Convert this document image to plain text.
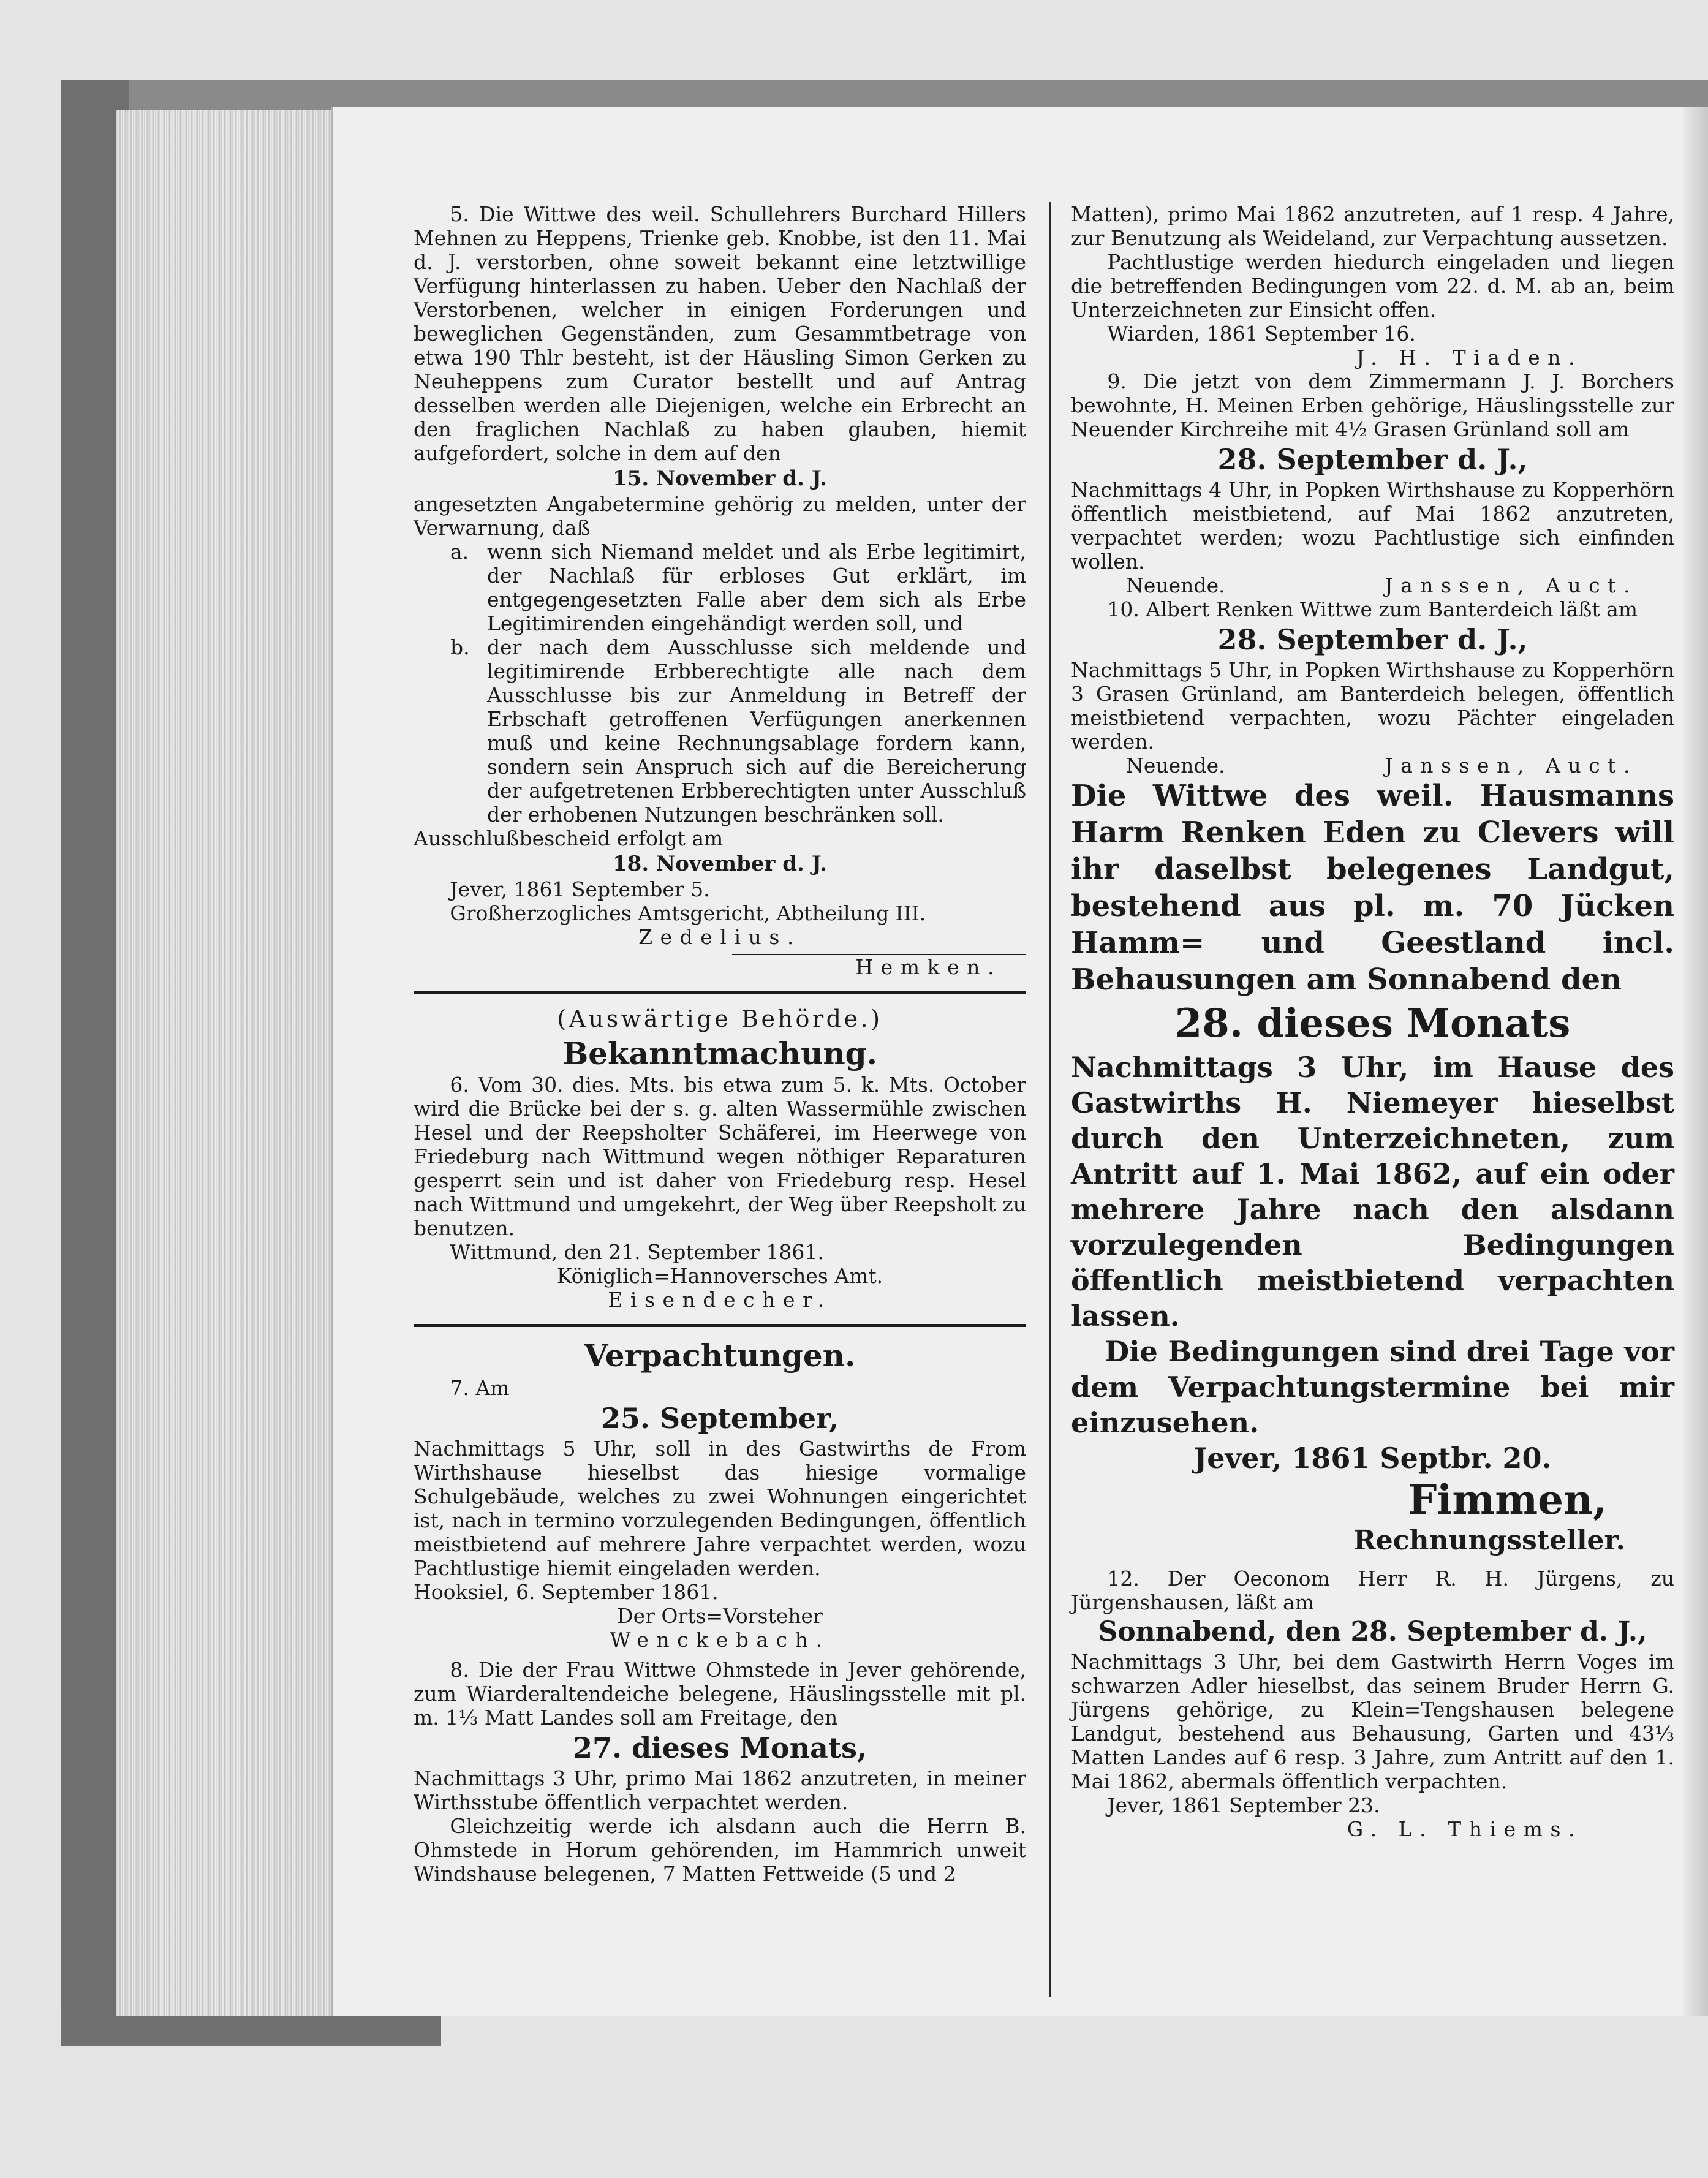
5. Die Wittwe des weil. Schullehrers Burchard Hillers Mehnen zu Heppens, Trienke geb. Knobbe, ist den 11. Mai d. J. verstorben, ohne soweit bekannt eine letztwillige Verfügung hinterlassen zu haben. Ueber den Nachlaß der Verstorbenen, welcher in einigen Forderungen und beweglichen Gegenständen, zum Gesammtbetrage von etwa 190 Thlr besteht, ist der Häusling Simon Gerken zu Neuheppens zum Curator bestellt und auf Antrag desselben werden alle Diejenigen, welche ein Erbrecht an den fraglichen Nachlaß zu haben glauben, hiemit aufgefordert, solche in dem auf den

15. November d. J.

angesetzten Angabetermine gehörig zu melden, unter der Verwarnung, daß

a. wenn sich Niemand meldet und als Erbe legitimirt, der Nachlaß für erbloses Gut erklärt, im entgegengesetzten Falle aber dem sich als Erbe Legitimirenden eingehändigt werden soll, und
b. der nach dem Ausschlusse sich meldende und legitimirende Erbberechtigte alle nach dem Ausschlusse bis zur Anmeldung in Betreff der Erbschaft getroffenen Verfügungen anerkennen muß und keine Rechnungsablage fordern kann, sondern sein Anspruch sich auf die Bereicherung der aufgetretenen Erbberechtigten unter Ausschluß der erhobenen Nutzungen beschränken soll.

Ausschlußbescheid erfolgt am

18. November d. J.

Jever, 1861 September 5.

Großherzogliches Amtsgericht, Abtheilung III.

Zedelius.

Hemken.

(Auswärtige Behörde.)

Bekanntmachung.

6. Vom 30. dies. Mts. bis etwa zum 5. k. Mts. October wird die Brücke bei der s. g. alten Wassermühle zwischen Hesel und der Reepsholter Schäferei, im Heerwege von Friedeburg nach Wittmund wegen nöthiger Reparaturen gesperrt sein und ist daher von Friedeburg resp. Hesel nach Wittmund und umgekehrt, der Weg über Reepsholt zu benutzen.

Wittmund, den 21. September 1861.

Königlich=Hannoversches Amt.

Eisendecher.

Verpachtungen.

7. Am

25. September,

Nachmittags 5 Uhr, soll in des Gastwirths de From Wirthshause hieselbst das hiesige vormalige Schulgebäude, welches zu zwei Wohnungen eingerichtet ist, nach in termino vorzulegenden Bedingungen, öffentlich meistbietend auf mehrere Jahre verpachtet werden, wozu Pachtlustige hiemit eingeladen werden.

Hooksiel, 6. September 1861.

Der Orts=Vorsteher

Wenckebach.

8. Die der Frau Wittwe Ohmstede in Jever gehörende, zum Wiarderaltendeiche belegene, Häuslingsstelle mit pl. m. 1⅓ Matt Landes soll am Freitage, den

27. dieses Monats,

Nachmittags 3 Uhr, primo Mai 1862 anzutreten, in meiner Wirthsstube öffentlich verpachtet werden.

Gleichzeitig werde ich alsdann auch die Herrn B. Ohmstede in Horum gehörenden, im Hammrich unweit Windshause belegenen, 7 Matten Fettweide (5 und 2

Matten), primo Mai 1862 anzutreten, auf 1 resp. 4 Jahre, zur Benutzung als Weideland, zur Verpachtung aussetzen.

Pachtlustige werden hiedurch eingeladen und liegen die betreffenden Bedingungen vom 22. d. M. ab an, beim Unterzeichneten zur Einsicht offen.

Wiarden, 1861 September 16.

J. H. Tiaden.

9. Die jetzt von dem Zimmermann J. J. Borchers bewohnte, H. Meinen Erben gehörige, Häuslingsstelle zur Neuender Kirchreihe mit 4½ Grasen Grünland soll am

28. September d. J.,

Nachmittags 4 Uhr, in Popken Wirthshause zu Kopperhörn öffentlich meistbietend, auf Mai 1862 anzutreten, verpachtet werden; wozu Pachtlustige sich einfinden wollen.

Neuende.	Janssen, Auct.

10. Albert Renken Wittwe zum Banterdeich läßt am

28. September d. J.,

Nachmittags 5 Uhr, in Popken Wirthshause zu Kopperhörn 3 Grasen Grünland, am Banterdeich belegen, öffentlich meistbietend verpachten, wozu Pächter eingeladen werden.

Neuende.	Janssen, Auct.

Die Wittwe des weil. Hausmanns Harm Renken Eden zu Clevers will ihr daselbst belegenes Landgut, bestehend aus pl. m. 70 Jücken Hamm= und Geestland incl. Behausungen am Sonnabend den

28. dieses Monats

Nachmittags 3 Uhr, im Hause des Gastwirths H. Niemeyer hieselbst durch den Unterzeichneten, zum Antritt auf 1. Mai 1862, auf ein oder mehrere Jahre nach den alsdann vorzulegenden Bedingungen öffentlich meistbietend verpachten lassen.

Die Bedingungen sind drei Tage vor dem Verpachtungstermine bei mir einzusehen.

Jever, 1861 Septbr. 20.

Fimmen,

Rechnungssteller.

12. Der Oeconom Herr R. H. Jürgens, zu Jürgenshausen, läßt am

Sonnabend, den 28. September d. J.,

Nachmittags 3 Uhr, bei dem Gastwirth Herrn Voges im schwarzen Adler hieselbst, das seinem Bruder Herrn G. Jürgens gehörige, zu Klein=Tengshausen belegene Landgut, bestehend aus Behausung, Garten und 43⅓ Matten Landes auf 6 resp. 3 Jahre, zum Antritt auf den 1. Mai 1862, abermals öffentlich verpachten.

Jever, 1861 September 23.

G. L. Thiems.
